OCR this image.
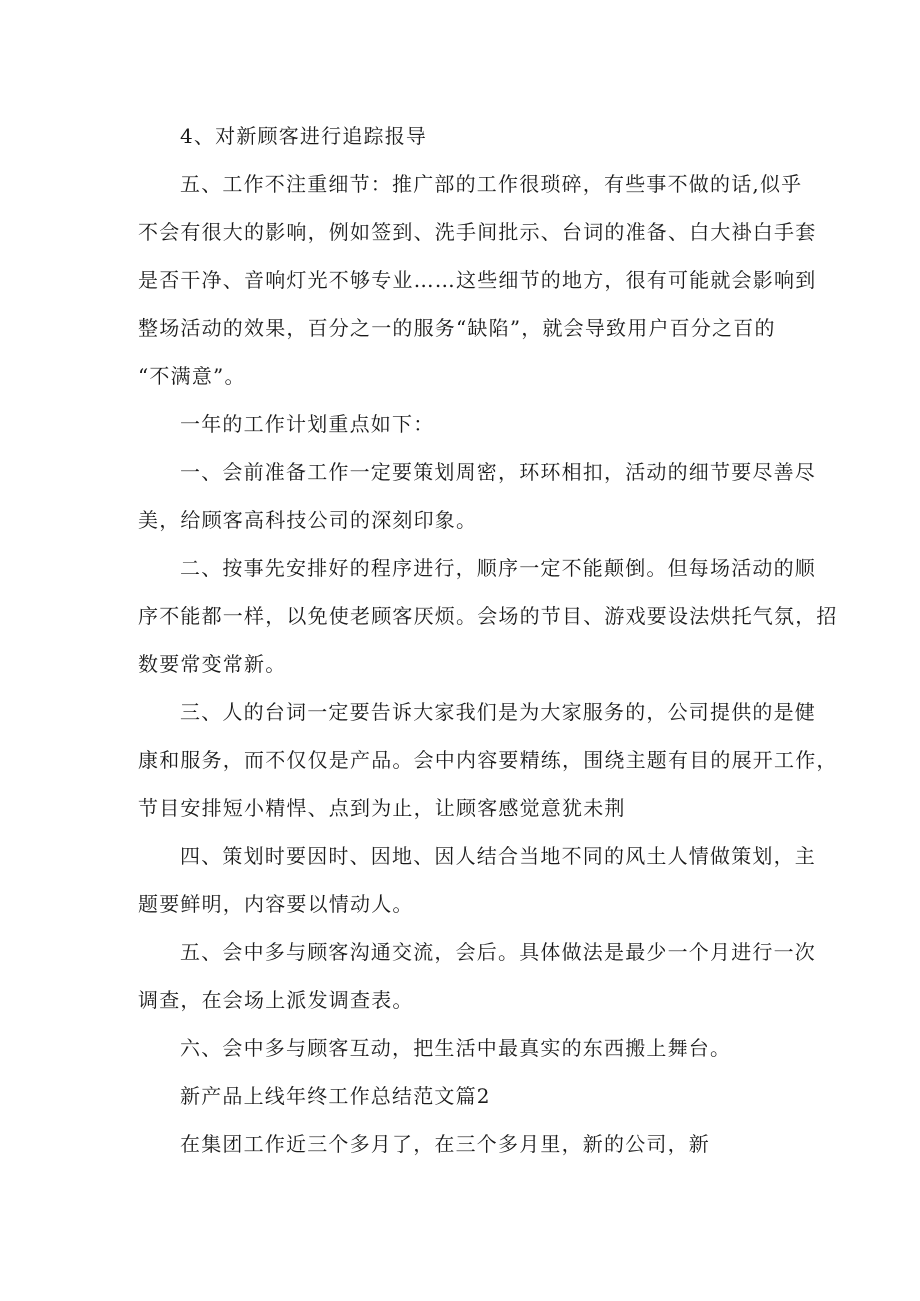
4、对新顾客进行追踪报导

五、工作不注重细节：推广部的工作很琐碎，有些事不做的话,似乎

不会有很大的影响，例如签到、洗手间批示、台词的准备、白大褂白手套

是否干净、音响灯光不够专业……这些细节的地方，很有可能就会影响到

整场活动的效果，百分之一的服务“缺陷”，就会导致用户百分之百的

“不满意”。

一年的工作计划重点如下：

一、会前准备工作一定要策划周密，环环相扣，活动的细节要尽善尽

美，给顾客高科技公司的深刻印象。

二、按事先安排好的程序进行，顺序一定不能颠倒。但每场活动的顺

序不能都一样，以免使老顾客厌烦。会场的节目、游戏要设法烘托气氛，招

数要常变常新。

三、人的台词一定要告诉大家我们是为大家服务的，公司提供的是健

康和服务，而不仅仅是产品。会中内容要精练，围绕主题有目的展开工作，

节目安排短小精悍、点到为止，让顾客感觉意犹未荆

四、策划时要因时、因地、因人结合当地不同的风土人情做策划，主

题要鲜明，内容要以情动人。

五、会中多与顾客沟通交流，会后。具体做法是最少一个月进行一次

调查，在会场上派发调查表。

六、会中多与顾客互动，把生活中最真实的东西搬上舞台。

新产品上线年终工作总结范文篇2

在集团工作近三个多月了，在三个多月里，新的公司，新
